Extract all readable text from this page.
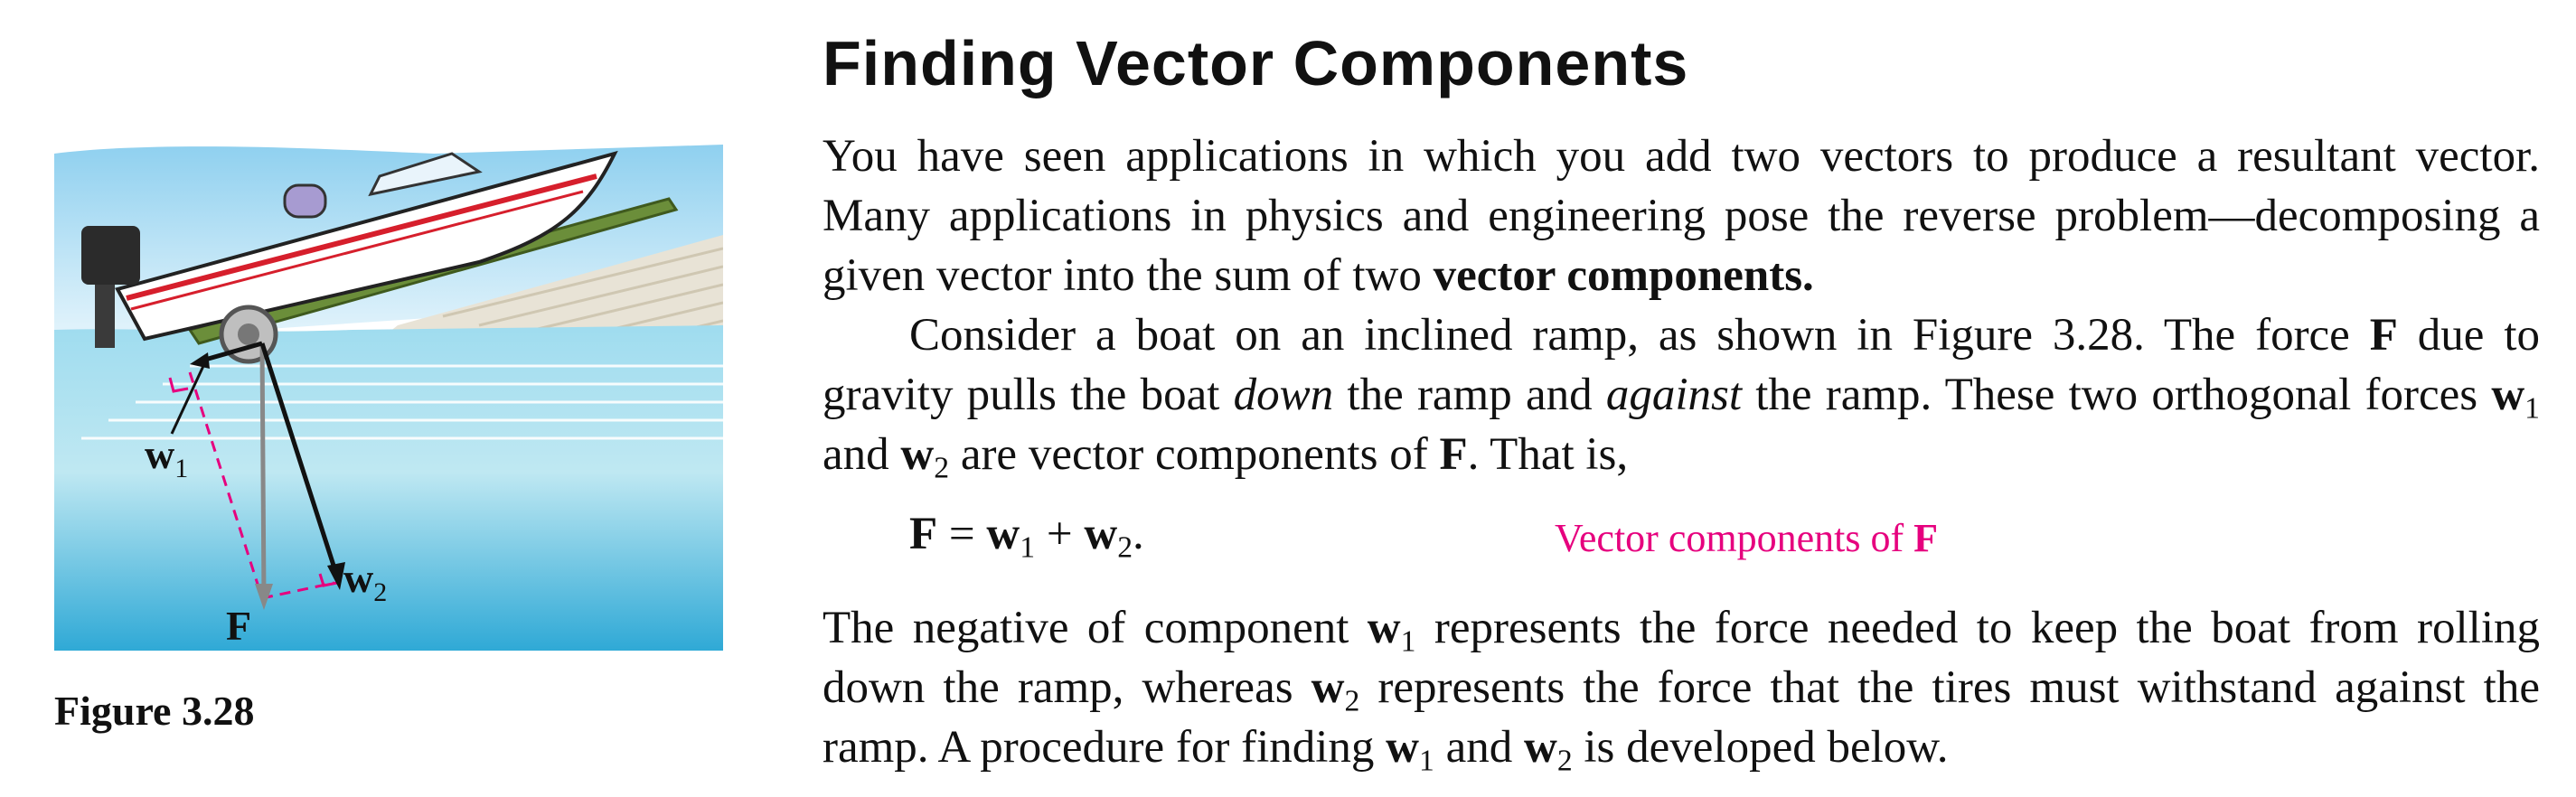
$w_1$
$w_2$
F
Figure 3.28
Finding Vector Components

You have seen applications in which you add two vectors to produce a resultant vector. Many applications in physics and engineering pose the reverse problem—decomposing a given vector into the sum of two vector components.

Consider a boat on an inclined ramp, as shown in Figure 3.28. The force F due to gravity pulls the boat down the ramp and against the ramp. These two orthogonal forces $w_1$ and $w_2$ are vector components of F. That is,

$F = w_1 + w_2$.	Vector components of F

The negative of component $w_1$ represents the force needed to keep the boat from rolling down the ramp, whereas $w_2$ represents the force that the tires must withstand against the ramp. A procedure for finding $w_1$ and $w_2$ is developed below.
